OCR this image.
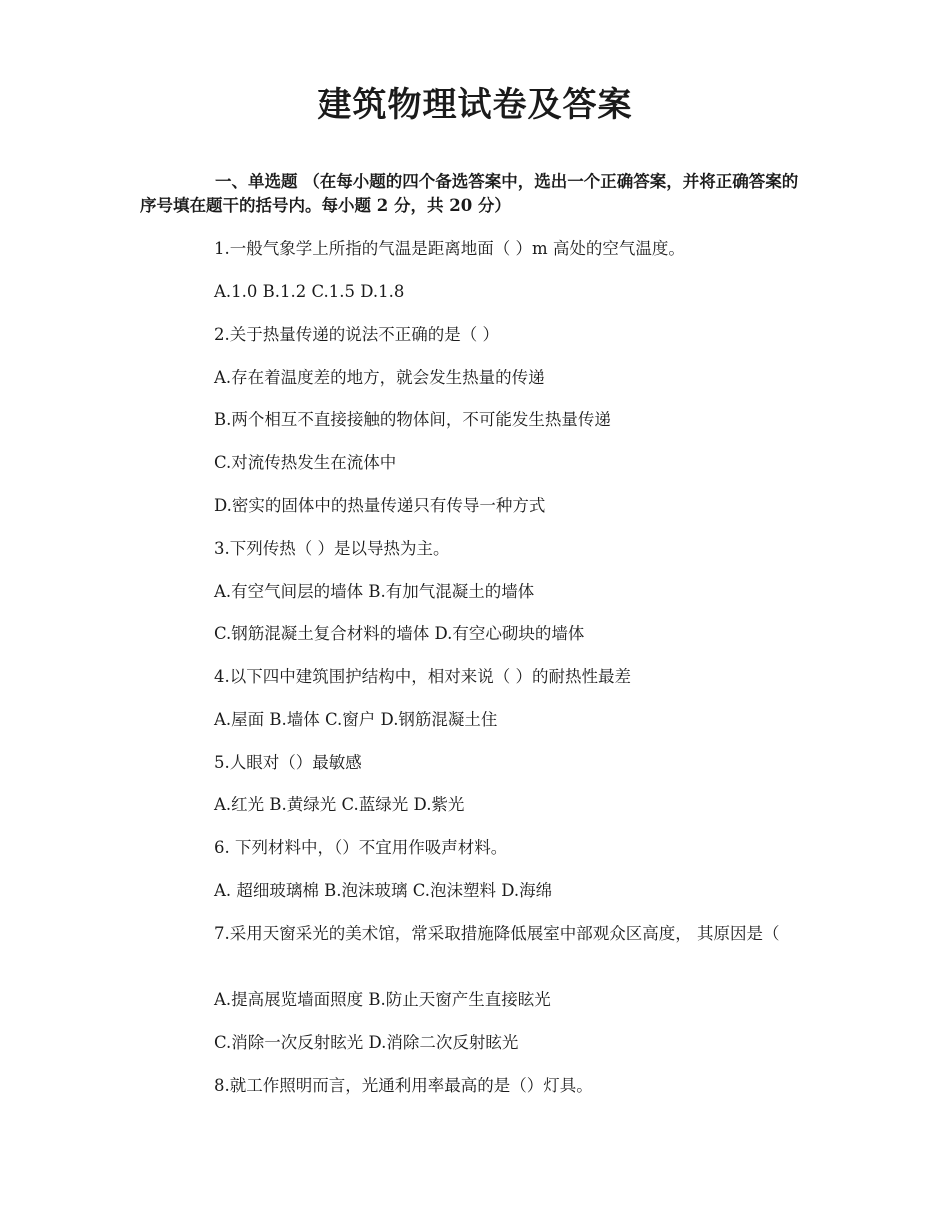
建筑物理试卷及答案
一、单选题 （在每小题的四个备选答案中，选出一个正确答案，并将正确答案的序号填在题干的括号内。每小题 2 分，共 20 分）
1.一般气象学上所指的气温是距离地面（ ）m 高处的空气温度。
A.1.0 B.1.2 C.1.5 D.1.8
2.关于热量传递的说法不正确的是（ ）
A.存在着温度差的地方，就会发生热量的传递
B.两个相互不直接接触的物体间，不可能发生热量传递
C.对流传热发生在流体中
D.密实的固体中的热量传递只有传导一种方式
3.下列传热（ ）是以导热为主。
A.有空气间层的墙体 B.有加气混凝土的墙体
C.钢筋混凝土复合材料的墙体 D.有空心砌块的墙体
4.以下四中建筑围护结构中，相对来说（ ）的耐热性最差
A.屋面 B.墙体 C.窗户 D.钢筋混凝土住
5.人眼对（）最敏感
A.红光 B.黄绿光 C.蓝绿光 D.紫光
6. 下列材料中，（）不宜用作吸声材料。
A. 超细玻璃棉 B.泡沫玻璃 C.泡沫塑料 D.海绵
7.采用天窗采光的美术馆，常采取措施降低展室中部观众区高度， 其原因是（
A.提高展览墙面照度 B.防止天窗产生直接眩光
C.消除一次反射眩光 D.消除二次反射眩光
8.就工作照明而言，光通利用率最高的是（）灯具。
